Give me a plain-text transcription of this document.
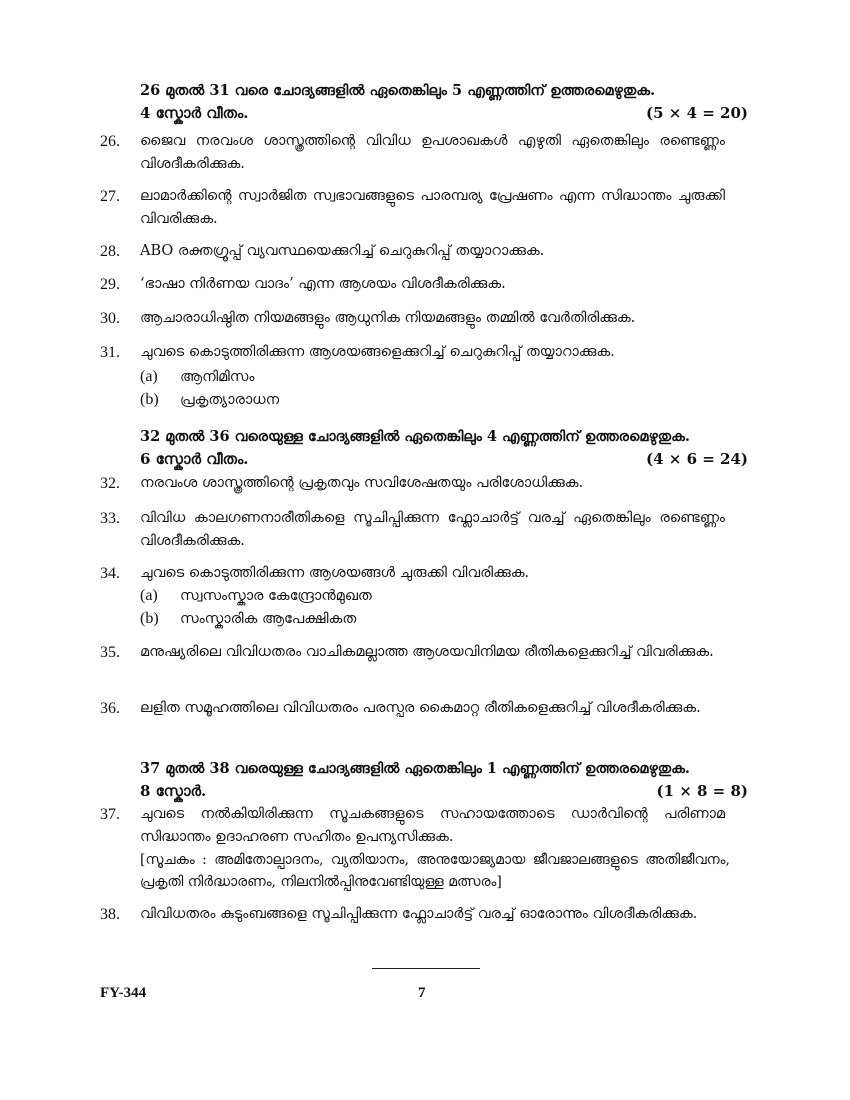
26 മുതൽ 31 വരെ ചോദ്യങ്ങളിൽ ഏതെങ്കിലും 5 എണ്ണത്തിന് ഉത്തരമെഴുതുക.
4 സ്കോർ വീതം.	(5 × 4 = 20)
26.	ജൈവ നരവംശ ശാസ്ത്രത്തിന്റെ വിവിധ ഉപശാഖകൾ എഴുതി ഏതെങ്കിലും രണ്ടെണ്ണം വിശദീകരിക്കുക.
27.	ലാമാർക്കിന്റെ സ്വാർജിത സ്വഭാവങ്ങളുടെ പാരമ്പര്യ പ്രേഷണം എന്ന സിദ്ധാന്തം ചുരുക്കി വിവരിക്കുക.
28.	ABO രക്തഗ്രൂപ്പ് വ്യവസ്ഥയെക്കുറിച്ച് ചെറുകുറിപ്പ് തയ്യാറാക്കുക.
29.	‘ഭാഷാ നിർണയ വാദം’ എന്ന ആശയം വിശദീകരിക്കുക.
30.	ആചാരാധിഷ്ഠിത നിയമങ്ങളും ആധുനിക നിയമങ്ങളും തമ്മിൽ വേർതിരിക്കുക.
31.	ചുവടെ കൊടുത്തിരിക്കുന്ന ആശയങ്ങളെക്കുറിച്ച് ചെറുകുറിപ്പ് തയ്യാറാക്കുക.
(a) ആനിമിസം
(b) പ്രകൃത്യാരാധന
32 മുതൽ 36 വരെയുള്ള ചോദ്യങ്ങളിൽ ഏതെങ്കിലും 4 എണ്ണത്തിന് ഉത്തരമെഴുതുക.
6 സ്കോർ വീതം.	(4 × 6 = 24)
32.	നരവംശ ശാസ്ത്രത്തിന്റെ പ്രകൃതവും സവിശേഷതയും പരിശോധിക്കുക.
33.	വിവിധ കാലഗണനാരീതികളെ സൂചിപ്പിക്കുന്ന ഫ്ലോചാർട്ട് വരച്ച് ഏതെങ്കിലും രണ്ടെണ്ണം വിശദീകരിക്കുക.
34.	ചുവടെ കൊടുത്തിരിക്കുന്ന ആശയങ്ങൾ ചുരുക്കി വിവരിക്കുക.
(a) സ്വസംസ്കാര കേന്ദ്രോൻമുഖത
(b) സംസ്കാരിക ആപേക്ഷികത
35.	മനുഷ്യരിലെ വിവിധതരം വാചികമല്ലാത്ത ആശയവിനിമയ രീതികളെക്കുറിച്ച് വിവരിക്കുക.
36.	ലളിത സമൂഹത്തിലെ വിവിധതരം പരസ്പര കൈമാറ്റ രീതികളെക്കുറിച്ച് വിശദീകരിക്കുക.
37 മുതൽ 38 വരെയുള്ള ചോദ്യങ്ങളിൽ ഏതെങ്കിലും 1 എണ്ണത്തിന് ഉത്തരമെഴുതുക.
8 സ്കോർ.	(1 × 8 = 8)
37.	ചുവടെ നൽകിയിരിക്കുന്ന സൂചകങ്ങളുടെ സഹായത്തോടെ ഡാർവിന്റെ പരിണാമ സിദ്ധാന്തം ഉദാഹരണ സഹിതം ഉപന്യസിക്കുക.
[സൂചകം : അമിതോല്പാദനം, വ്യതിയാനം, അനുയോജ്യമായ ജീവജാലങ്ങളുടെ അതിജീവനം, പ്രകൃതി നിർദ്ധാരണം, നിലനിൽപ്പിനുവേണ്ടിയുള്ള മത്സരം]
38.	വിവിധതരം കുടുംബങ്ങളെ സൂചിപ്പിക്കുന്ന ഫ്ലോചാർട്ട് വരച്ച് ഓരോന്നും വിശദീകരിക്കുക.
FY-344	7
